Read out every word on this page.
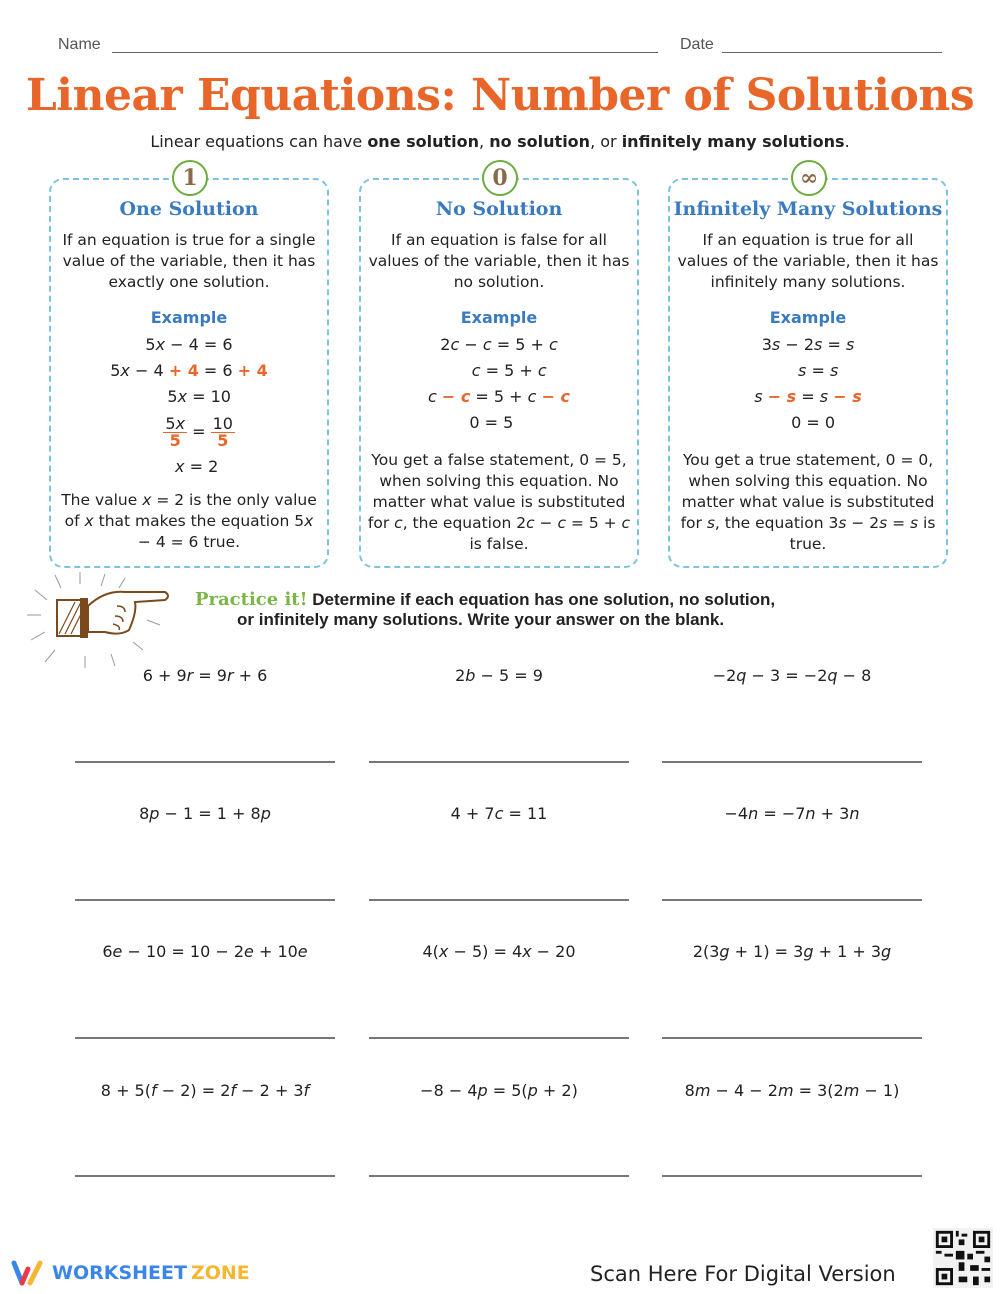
Name	Date
Linear Equations: Number of Solutions
Linear equations can have one solution, no solution, or infinitely many solutions.
1
One Solution
If an equation is true for a single value of the variable, then it has exactly one solution.
Example
5x − 4 = 6
5x − 4 + 4 = 6 + 4
5x = 10

$\frac{5x}{5} = \frac{10}{5}$
x = 2
The value x = 2 is the only value of x that makes the equation 5x − 4 = 6 true.
0
No Solution
If an equation is false for all values of the variable, then it has no solution.
Example
2c − c = 5 + c
c = 5 + c
c − c = 5 + c − c
0 = 5
You get a false statement, 0 = 5, when solving this equation. No matter what value is substituted for c, the equation 2c − c = 5 + c is false.
∞
Infinitely Many Solutions
If an equation is true for all values of the variable, then it has infinitely many solutions.
Example
3s − 2s = s
s = s
s − s = s − s
0 = 0
You get a true statement, 0 = 0, when solving this equation. No matter what value is substituted for s, the equation 3s − 2s = s is true.
Practice it! Determine if each equation has one solution, no solution,
or infinitely many solutions. Write your answer on the blank.
6 + 9r = 9r + 6	2b − 5 = 9	−2q − 3 = −2q − 8
8p − 1 = 1 + 8p	4 + 7c = 11	−4n = −7n + 3n
6e − 10 = 10 − 2e + 10e	4(x − 5) = 4x − 20	2(3g + 1) = 3g + 1 + 3g
8 + 5(f − 2) = 2f − 2 + 3f	−8 − 4p = 5(p + 2)	8m − 4 − 2m = 3(2m − 1)
WORKSHEET ZONE	Scan Here For Digital Version
